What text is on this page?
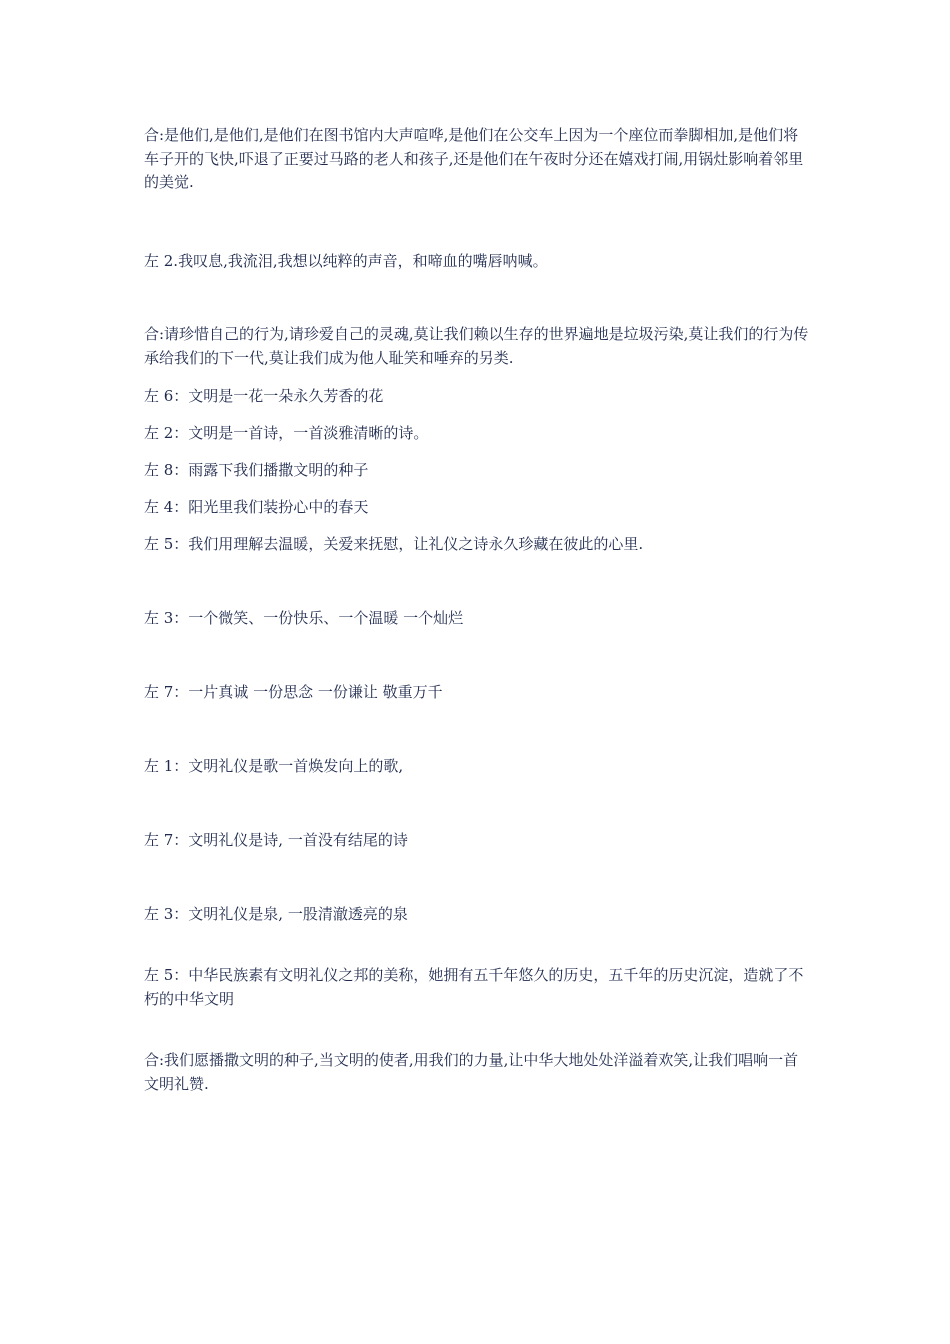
合:是他们,是他们,是他们在图书馆内大声喧哗,是他们在公交车上因为一个座位而拳脚相加,是他们将车子开的飞快,吓退了正要过马路的老人和孩子,还是他们在午夜时分还在嬉戏打闹,用锅灶影响着邻里的美觉.
左 2.我叹息,我流泪,我想以纯粹的声音，和啼血的嘴唇呐喊。
合:请珍惜自己的行为,请珍爱自己的灵魂,莫让我们赖以生存的世界遍地是垃圾污染,莫让我们的行为传承给我们的下一代,莫让我们成为他人耻笑和唾弃的另类.
左 6：文明是一花一朵永久芳香的花
左 2：文明是一首诗，一首淡雅清晰的诗。
左 8：雨露下我们播撒文明的种子
左 4：阳光里我们装扮心中的春天
左 5：我们用理解去温暖，关爱来抚慰，让礼仪之诗永久珍藏在彼此的心里.
左 3：一个微笑、一份快乐、一个温暖 一个灿烂
左 7：一片真诚 一份思念 一份谦让 敬重万千
左 1：文明礼仪是歌一首焕发向上的歌,
左 7：文明礼仪是诗, 一首没有结尾的诗
左 3：文明礼仪是泉, 一股清澈透亮的泉
左 5：中华民族素有文明礼仪之邦的美称，她拥有五千年悠久的历史，五千年的历史沉淀，造就了不朽的中华文明
合:我们愿播撒文明的种子,当文明的使者,用我们的力量,让中华大地处处洋溢着欢笑,让我们唱响一首文明礼赞.
